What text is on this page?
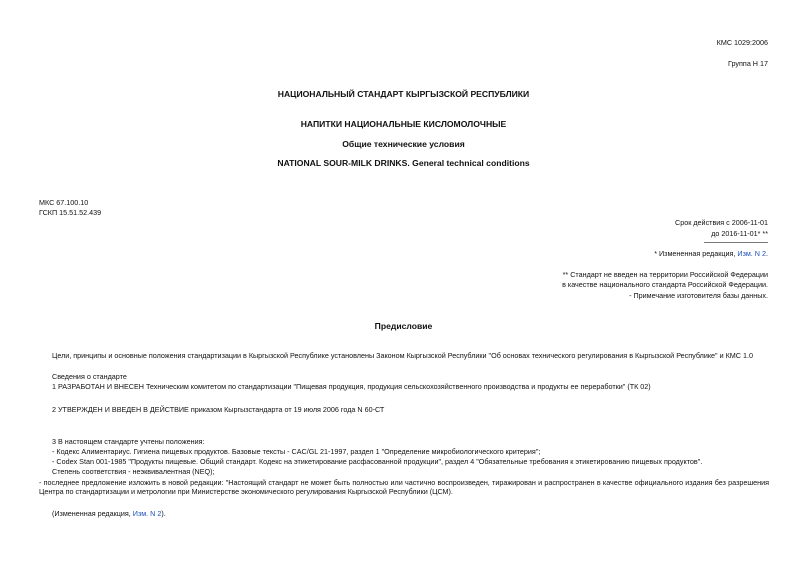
КМС 1029:2006
Группа Н 17
НАЦИОНАЛЬНЫЙ СТАНДАРТ КЫРГЫЗСКОЙ РЕСПУБЛИКИ
НАПИТКИ НАЦИОНАЛЬНЫЕ КИСЛОМОЛОЧНЫЕ
Общие технические условия
NATIONAL SOUR-MILK DRINKS. General technical conditions
МКС 67.100.10
ГСКП 15.51.52.439
Срок действия с 2006-11-01
до 2016-11-01* **
* Измененная редакция, Изм. N 2.
** Стандарт не введен на территории Российской Федерации
в качестве национального стандарта Российской Федерации.
- Примечание изготовителя базы данных.
Предисловие
Цели, принципы и основные положения стандартизации в Кыргызской Республике установлены Законом Кыргызской Республики "Об основах технического регулирования в Кыргызской Республике" и КМС 1.0
Сведения о стандарте
1 РАЗРАБОТАН И ВНЕСЕН Техническим комитетом по стандартизации "Пищевая продукция, продукция сельскохозяйственного производства и продукты ее переработки" (ТК 02)
2 УТВЕРЖДЕН И ВВЕДЕН В ДЕЙСТВИЕ приказом Кыргызстандарта от 19 июля 2006 года N 60-СТ
3 В настоящем стандарте учтены положения:
- Кодекс Алиментариус. Гигиена пищевых продуктов. Базовые тексты - CAC/GL 21-1997, раздел 1 "Определение микробиологического критерия";
- Codex Stan 001-1985 "Продукты пищевые. Общий стандарт. Кодекс на этикетирование расфасованной продукции", раздел 4 "Обязательные требования к этикетированию пищевых продуктов".
Степень соответствия - неэквивалентная (NEQ);
- последнее предложение изложить в новой редакции: "Настоящий стандарт не может быть полностью или частично воспроизведен, тиражирован и распространен в качестве официального издания без разрешения Центра по стандартизации и метрологии при Министерстве экономического регулирования Кыргызской Республики (ЦСМ).
(Измененная редакция, Изм. N 2).
